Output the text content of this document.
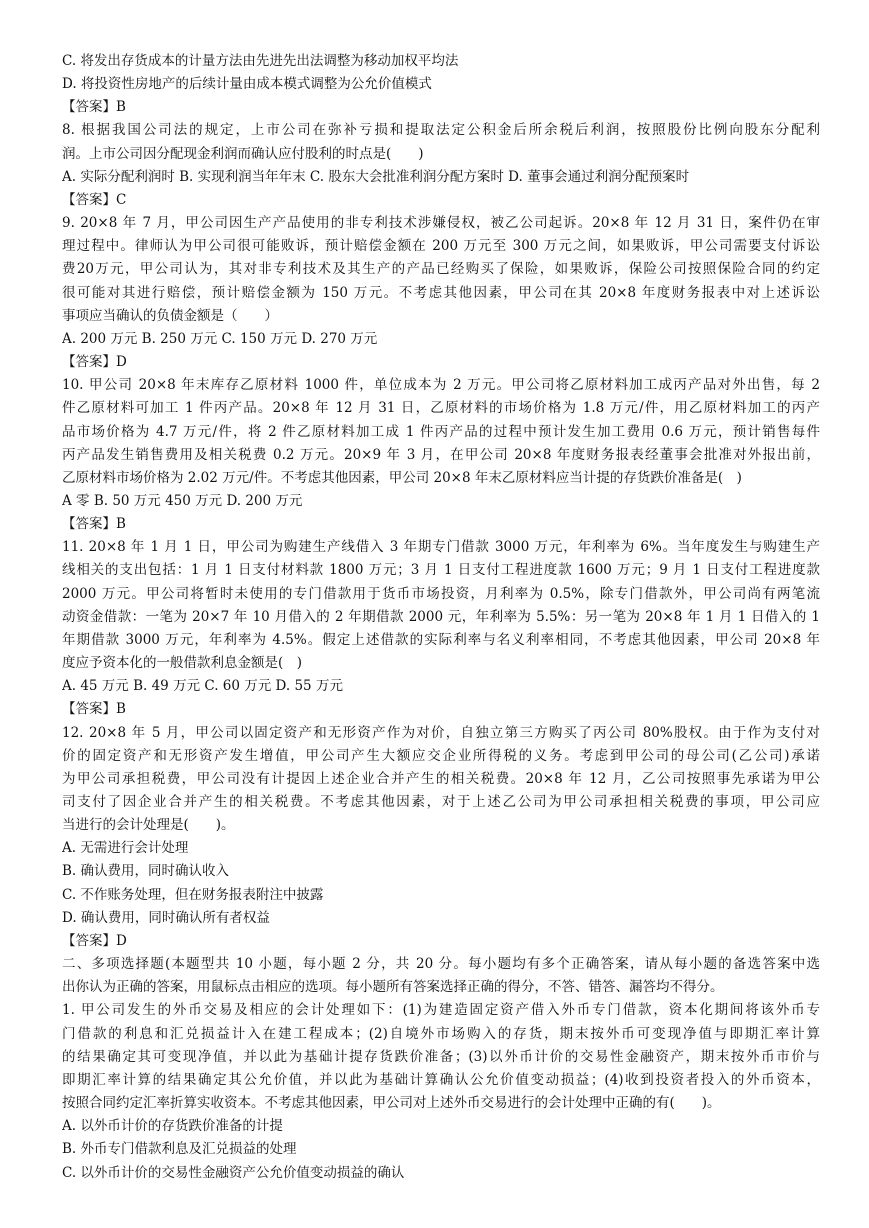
C. 将发出存货成本的计量方法由先进先出法调整为移动加权平均法
D. 将投资性房地产的后续计量由成本模式调整为公允价值模式
【答案】B
8. 根据我国公司法的规定，上市公司在弥补亏损和提取法定公积金后所余税后利润，按照股份比例向股东分配利
润。上市公司因分配现金利润而确认应付股利的时点是(　　)
A. 实际分配利润时 B. 实现利润当年年末 C. 股东大会批准利润分配方案时 D. 董事会通过利润分配预案时
【答案】C
9. 20×8 年 7 月，甲公司因生产产品使用的非专利技术涉嫌侵权，被乙公司起诉。20×8 年 12 月 31 日，案件仍在审
理过程中。律师认为甲公司很可能败诉，预计赔偿金额在 200 万元至 300 万元之间，如果败诉，甲公司需要支付诉讼
费20万元，甲公司认为，其对非专利技术及其生产的产品已经购买了保险，如果败诉，保险公司按照保险合同的约定
很可能对其进行赔偿，预计赔偿金额为 150 万元。不考虑其他因素，甲公司在其 20×8 年度财务报表中对上述诉讼
事项应当确认的负债金额是（　　）
A. 200 万元 B. 250 万元 C. 150 万元 D. 270 万元
【答案】D
10. 甲公司 20×8 年末库存乙原材料 1000 件，单位成本为 2 万元。甲公司将乙原材料加工成丙产品对外出售，每 2
件乙原材料可加工 1 件丙产品。20×8 年 12 月 31 日，乙原材料的市场价格为 1.8 万元/件，用乙原材料加工的丙产
品市场价格为 4.7 万元/件，将 2 件乙原材料加工成 1 件丙产品的过程中预计发生加工费用 0.6 万元，预计销售每件
丙产品发生销售费用及相关税费 0.2 万元。20×9 年 3 月，在甲公司 20×8 年度财务报表经董事会批准对外报出前，
乙原材料市场价格为 2.02 万元/件。不考虑其他因素，甲公司 20×8 年末乙原材料应当计提的存货跌价准备是(　)
A 零 B. 50 万元 450 万元 D. 200 万元
【答案】B
11. 20×8 年 1 月 1 日，甲公司为购建生产线借入 3 年期专门借款 3000 万元，年利率为 6%。当年度发生与购建生产
线相关的支出包括：1 月 1 日支付材料款 1800 万元；3 月 1 日支付工程进度款 1600 万元；9 月 1 日支付工程进度款
2000 万元。甲公司将暂时未使用的专门借款用于货币市场投资，月利率为 0.5%，除专门借款外，甲公司尚有两笔流
动资金借款：一笔为 20×7 年 10 月借入的 2 年期借款 2000 元，年利率为 5.5%：另一笔为 20×8 年 1 月 1 日借入的 1
年期借款 3000 万元，年利率为 4.5%。假定上述借款的实际利率与名义利率相同，不考虑其他因素，甲公司 20×8 年
度应予资本化的一般借款利息金额是(　)
A. 45 万元 B. 49 万元 C. 60 万元 D. 55 万元
【答案】B
12. 20×8 年 5 月，甲公司以固定资产和无形资产作为对价，自独立第三方购买了丙公司 80%股权。由于作为支付对
价的固定资产和无形资产发生增值，甲公司产生大额应交企业所得税的义务。考虑到甲公司的母公司(乙公司)承诺
为甲公司承担税费，甲公司没有计提因上述企业合并产生的相关税费。20×8 年 12 月，乙公司按照事先承诺为甲公
司支付了因企业合并产生的相关税费。不考虑其他因素，对于上述乙公司为甲公司承担相关税费的事项，甲公司应
当进行的会计处理是(　　)。
A. 无需进行会计处理
B. 确认费用，同时确认收入
C. 不作账务处理，但在财务报表附注中披露
D. 确认费用，同时确认所有者权益
【答案】D
二、多项选择题(本题型共 10 小题，每小题 2 分，共 20 分。每小题均有多个正确答案，请从每小题的备选答案中选
出你认为正确的答案，用鼠标点击相应的选项。每小题所有答案选择正确的得分，不答、错答、漏答均不得分。
1. 甲公司发生的外币交易及相应的会计处理如下：(1)为建造固定资产借入外币专门借款，资本化期间将该外币专
门借款的利息和汇兑损益计入在建工程成本；(2)自境外市场购入的存货，期末按外币可变现净值与即期汇率计算
的结果确定其可变现净值，并以此为基础计提存货跌价准备；(3)以外币计价的交易性金融资产，期末按外币市价与
即期汇率计算的结果确定其公允价值，并以此为基础计算确认公允价值变动损益；(4)收到投资者投入的外币资本，
按照合同约定汇率折算实收资本。不考虑其他因素，甲公司对上述外币交易进行的会计处理中正确的有(　　)。
A. 以外币计价的存货跌价准备的计提
B. 外币专门借款利息及汇兑损益的处理
C. 以外币计价的交易性金融资产公允价值变动损益的确认
